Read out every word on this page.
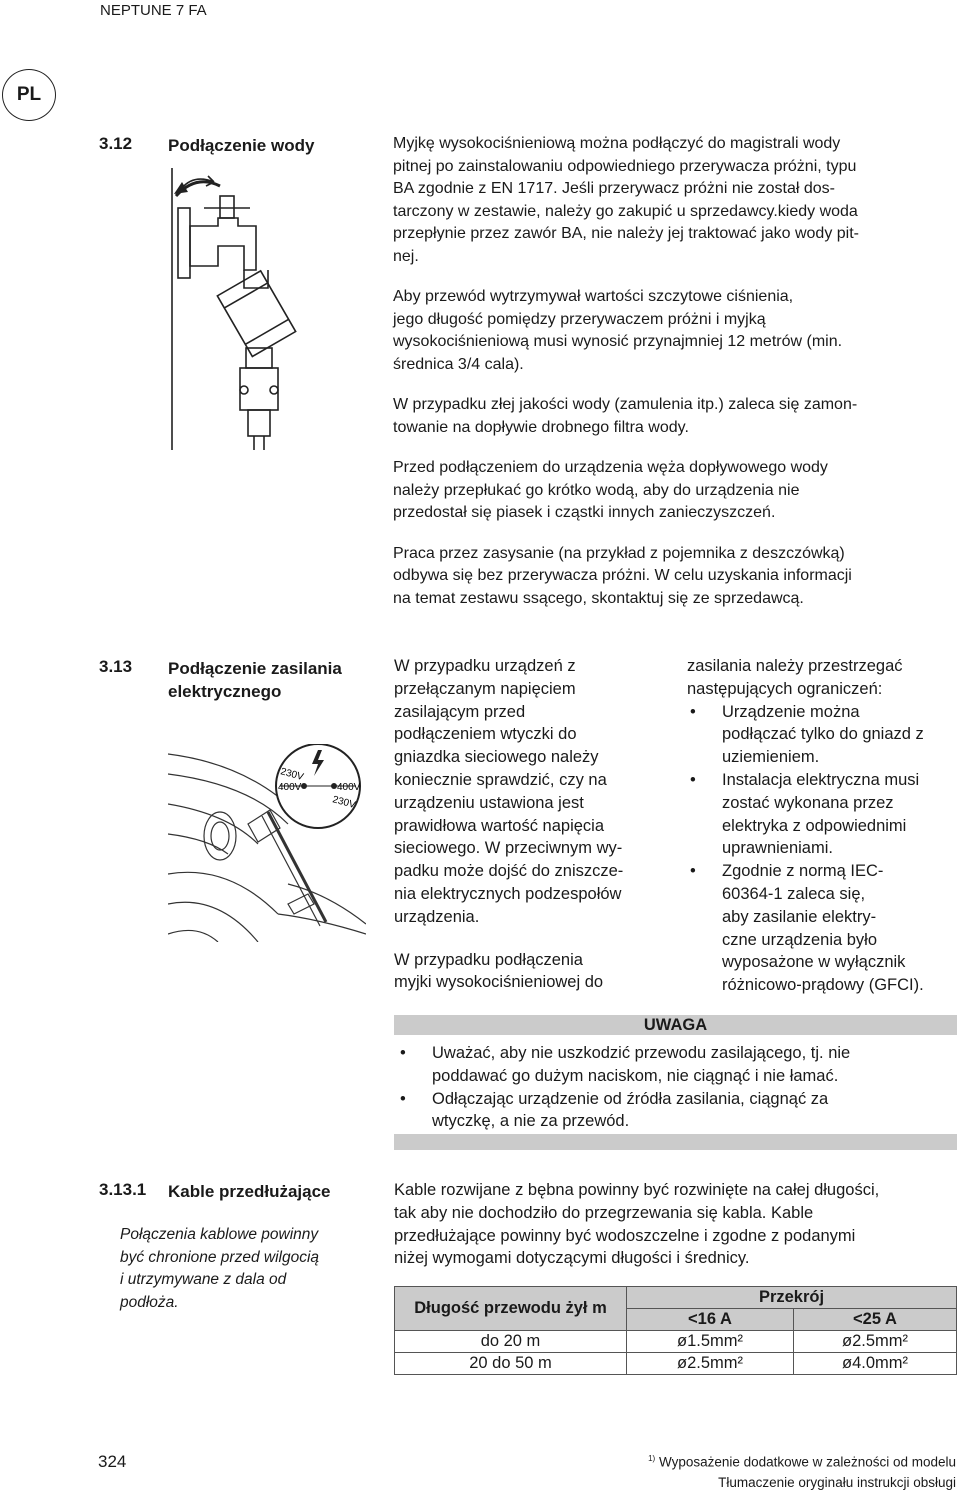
NEPTUNE 7 FA
PL
3.12 Podłączenie wody	Myjkę wysokociśnieniową można podłączyć do magistrali wody
pitnej po zainstalowaniu odpowiedniego przerywacza próżni, typu
BA zgodnie z EN 1717. Jeśli przerywacz próżni nie został dos-
tarczony w zestawie, należy go zakupić u sprzedawcy.kiedy woda
przepłynie przez zawór BA, nie należy jej traktować jako wody pit-
nej.
Aby przewód wytrzymywał wartości szczytowe ciśnienia,
jego długość pomiędzy przerywaczem próżni i myjką
wysokociśnieniową musi wynosić przynajmniej 12 metrów (min.
średnica 3/4 cala).
W przypadku złej jakości wody (zamulenia itp.) zaleca się zamon-
towanie na dopływie drobnego filtra wody.
Przed podłączeniem do urządzenia węża dopływowego wody
należy przepłukać go krótko wodą, aby do urządzenia nie
przedostał się piasek i cząstki innych zanieczyszczeń.
Praca przez zasysanie (na przykład z pojemnika z deszczówką)
odbywa się bez przerywacza próżni. W celu uzyskania informacji
na temat zestawu ssącego, skontaktuj się ze sprzedawcą.
3.13 Podłączenie zasilania
elektrycznego
230V
400V	400V
230V
W przypadku urządzeń z
przełączanym napięciem
zasilającym przed
podłączeniem wtyczki do
gniazdka sieciowego należy
koniecznie sprawdzić, czy na
urządzeniu ustawiona jest
prawidłowa wartość napięcia
sieciowego. W przeciwnym wy-
padku może dojść do zniszcze-
nia elektrycznych podzespołów
urządzenia.
W przypadku podłączenia
myjki wysokociśnieniowej do
zasilania należy przestrzegać
następujących ograniczeń:
• Urządzenie można
podłączać tylko do gniazd z
uziemieniem.
• Instalacja elektryczna musi
zostać wykonana przez
elektryka z odpowiednimi
uprawnieniami.
• Zgodnie z normą IEC-
60364-1 zaleca się,
aby zasilanie elektry-
czne urządzenia było
wyposażone w wyłącznik
różnicowo-prądowy (GFCI).
UWAGA
• Uważać, aby nie uszkodzić przewodu zasilającego, tj. nie
poddawać go dużym naciskom, nie ciągnąć i nie łamać.
• Odłączając urządzenie od źródła zasilania, ciągnąć za
wtyczkę, a nie za przewód.
3.13.1 Kable przedłużające
Połączenia kablowe powinny
być chronione przed wilgocią
i utrzymywane z dala od
podłoża.
Kable rozwijane z bębna powinny być rozwinięte na całej długości,
tak aby nie dochodziło do przegrzewania się kabla. Kable
przedłużające powinny być wodoszczelne i zgodne z podanymi
niżej wymogami dotyczącymi długości i średnicy.
Długość przewodu żył m	Przekrój	
	<16 A	<25 A
do 20 m	ø1.5mm²	ø2.5mm²
20 do 50 m	ø2.5mm²	ø4.0mm²
324	$^{1)}$ Wyposażenie dodatkowe w zależności od modelu
Tłumaczenie oryginału instrukcji obsługi
